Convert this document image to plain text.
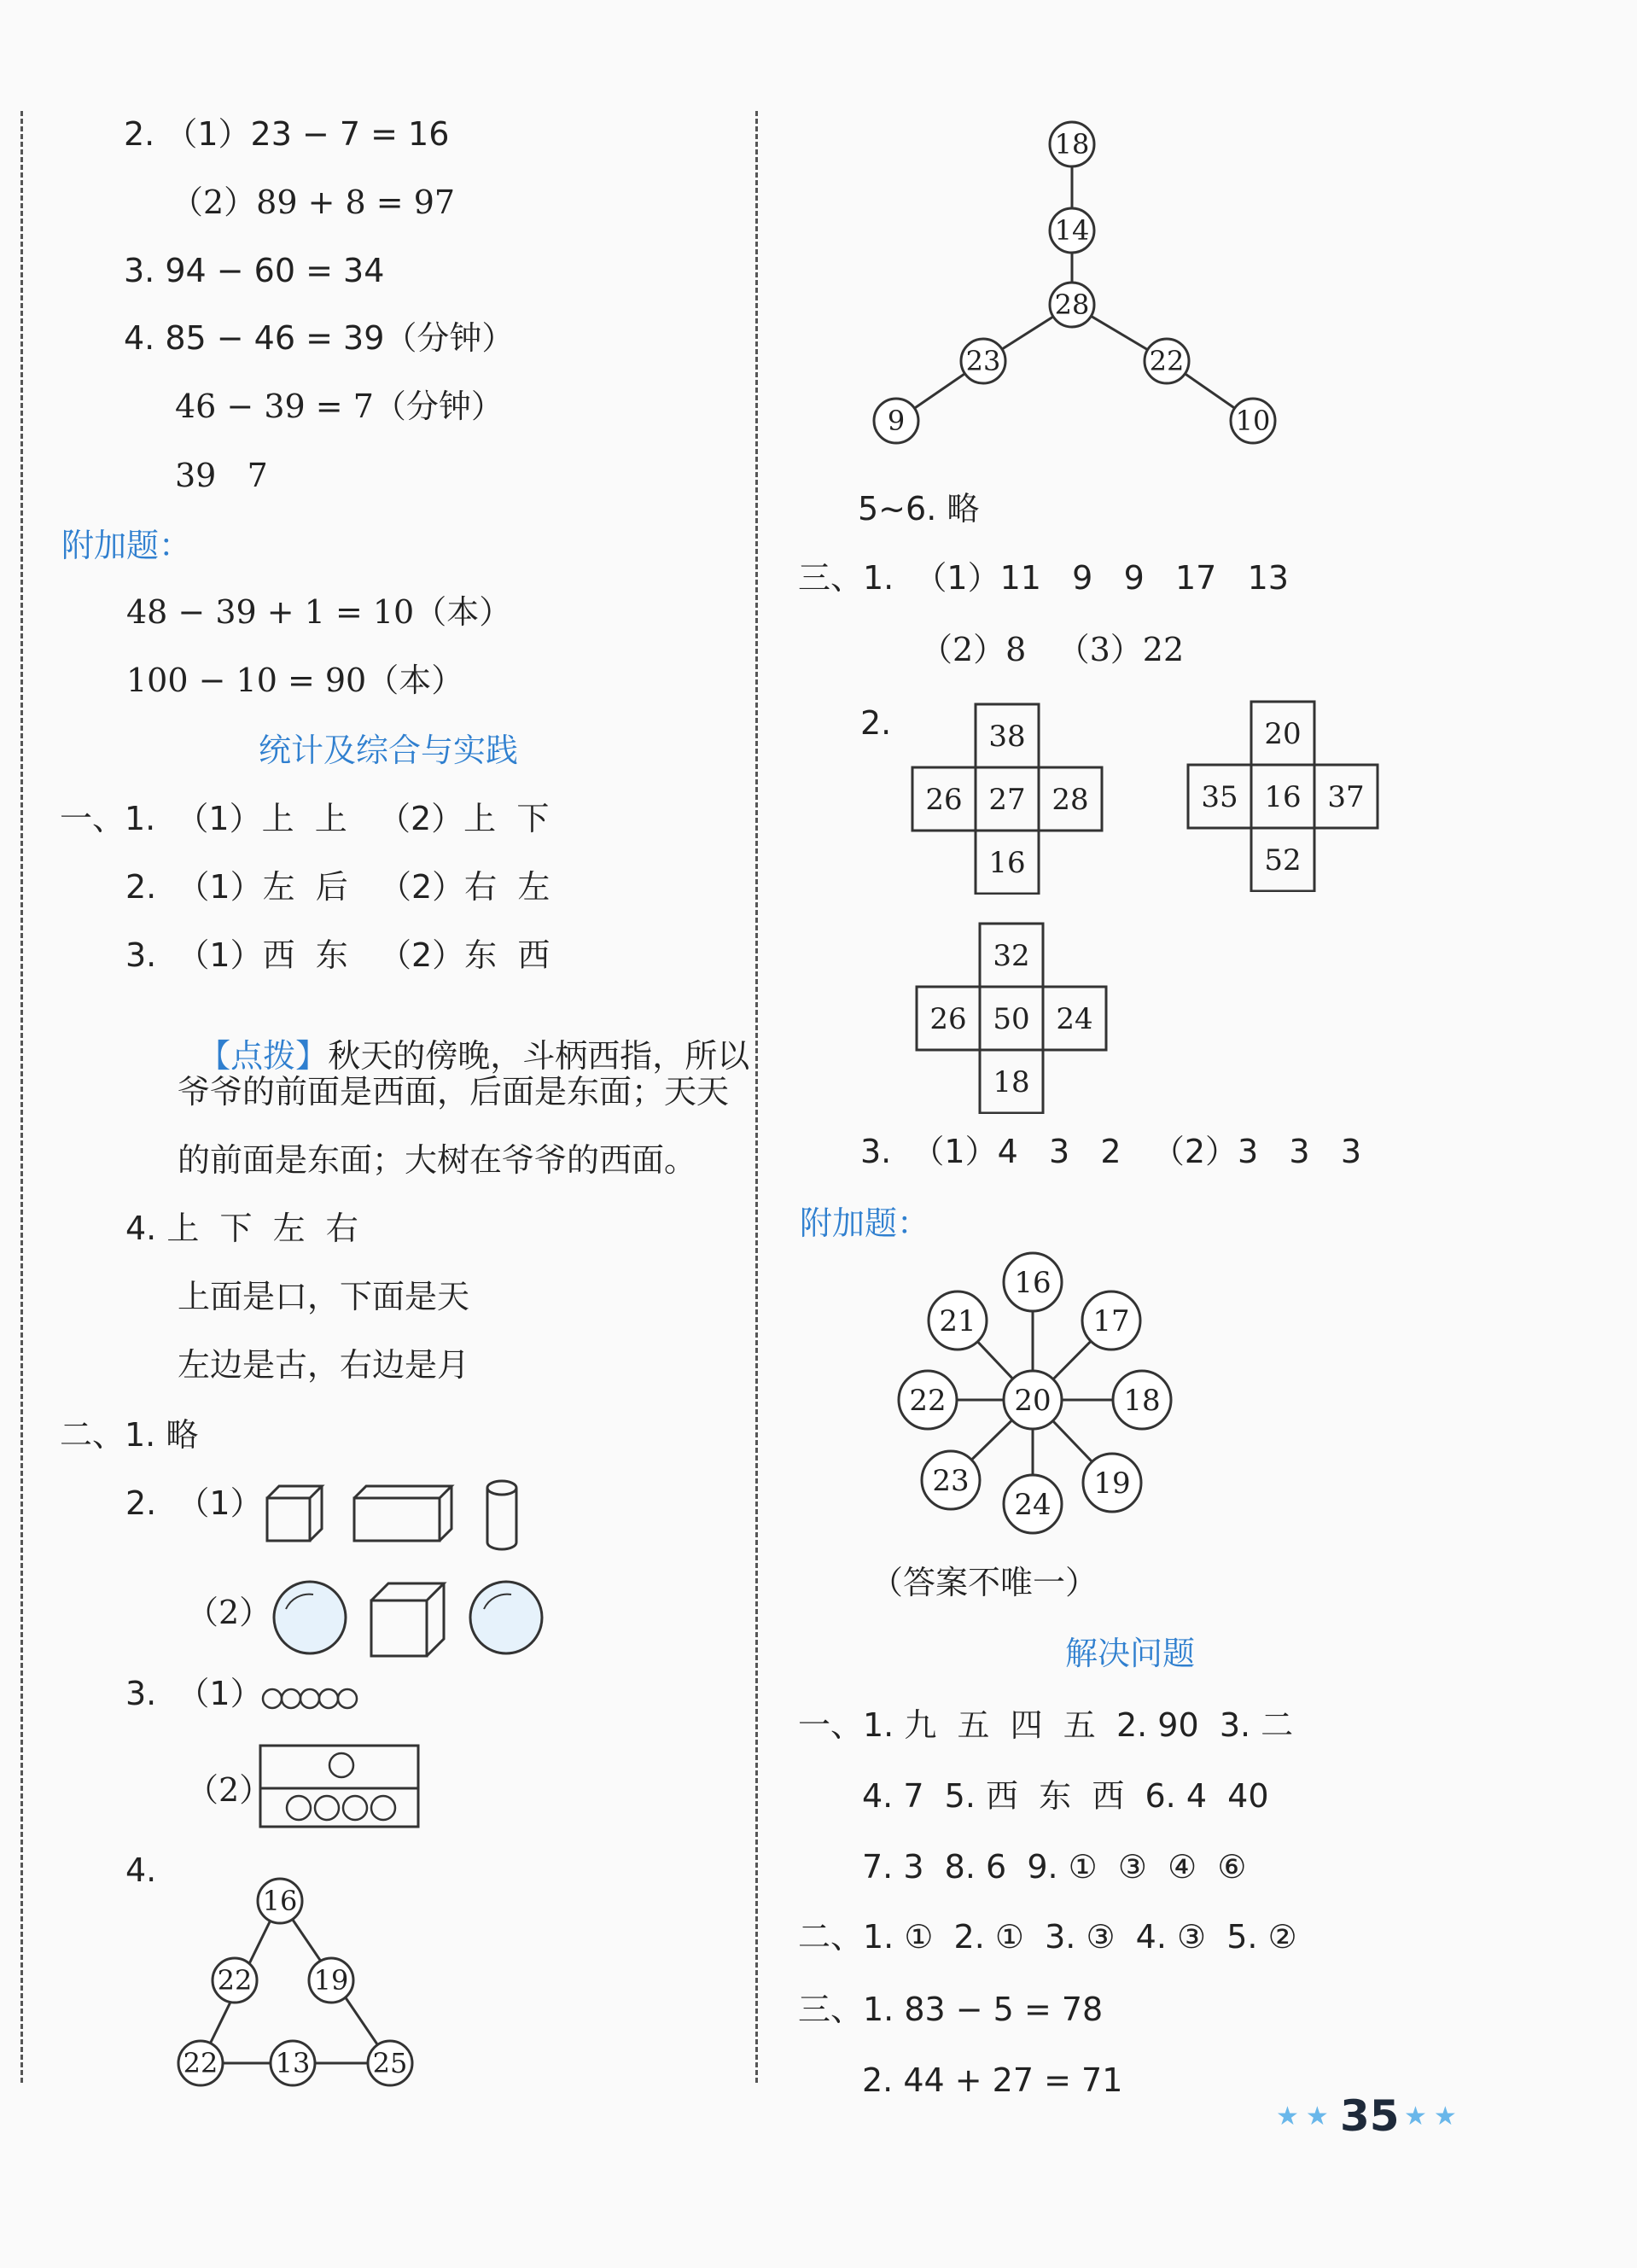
2. （1）23 − 7 = 16
（2）89 + 8 = 97
3. 94 − 60 = 34
4. 85 − 46 = 39（分钟）
46 − 39 = 7（分钟）
39   7
附加题：
48 − 39 + 1 = 10（本）
100 − 10 = 90（本）
统计及综合与实践
一、1.  （1）上  上   （2）上  下
2.  （1）左  后   （2）右  左
3.  （1）西  东   （2）东  西

【点拨】秋天的傍晚，斗柄西指，所以

爷爷的前面是西面，后面是东面；天天
的前面是东面；大树在爷爷的西面。
4. 上  下  左  右
上面是口，下面是天
左边是古，右边是月
二、1. 略
2.  （1）
（2）
3.  （1）
（2）
4.
16
22 19
22 13 25
18
14
28
23	22
9	10
5~6. 略
三、1.  （1）11   9   9   17   13
（2）8   （3）22
2.	38
26 27 28
16
20
35 16 37
52
32
26 50 24
18
3.  （1）4   3   2   （2）3   3   3
附加题：
16
17
18
19
24
23
22
21
20
（答案不唯一）
解决问题
一、1. 九  五  四  五  2. 90  3. 二
4. 7  5. 西  东  西  6. 4  40
7. 3  8. 6  9. ①  ③  ④  ⑥
二、1. ①  2. ①  3. ③  4. ③  5. ②
三、1. 83 − 5 = 78
2. 44 + 27 = 71
★★ 35 ★★
